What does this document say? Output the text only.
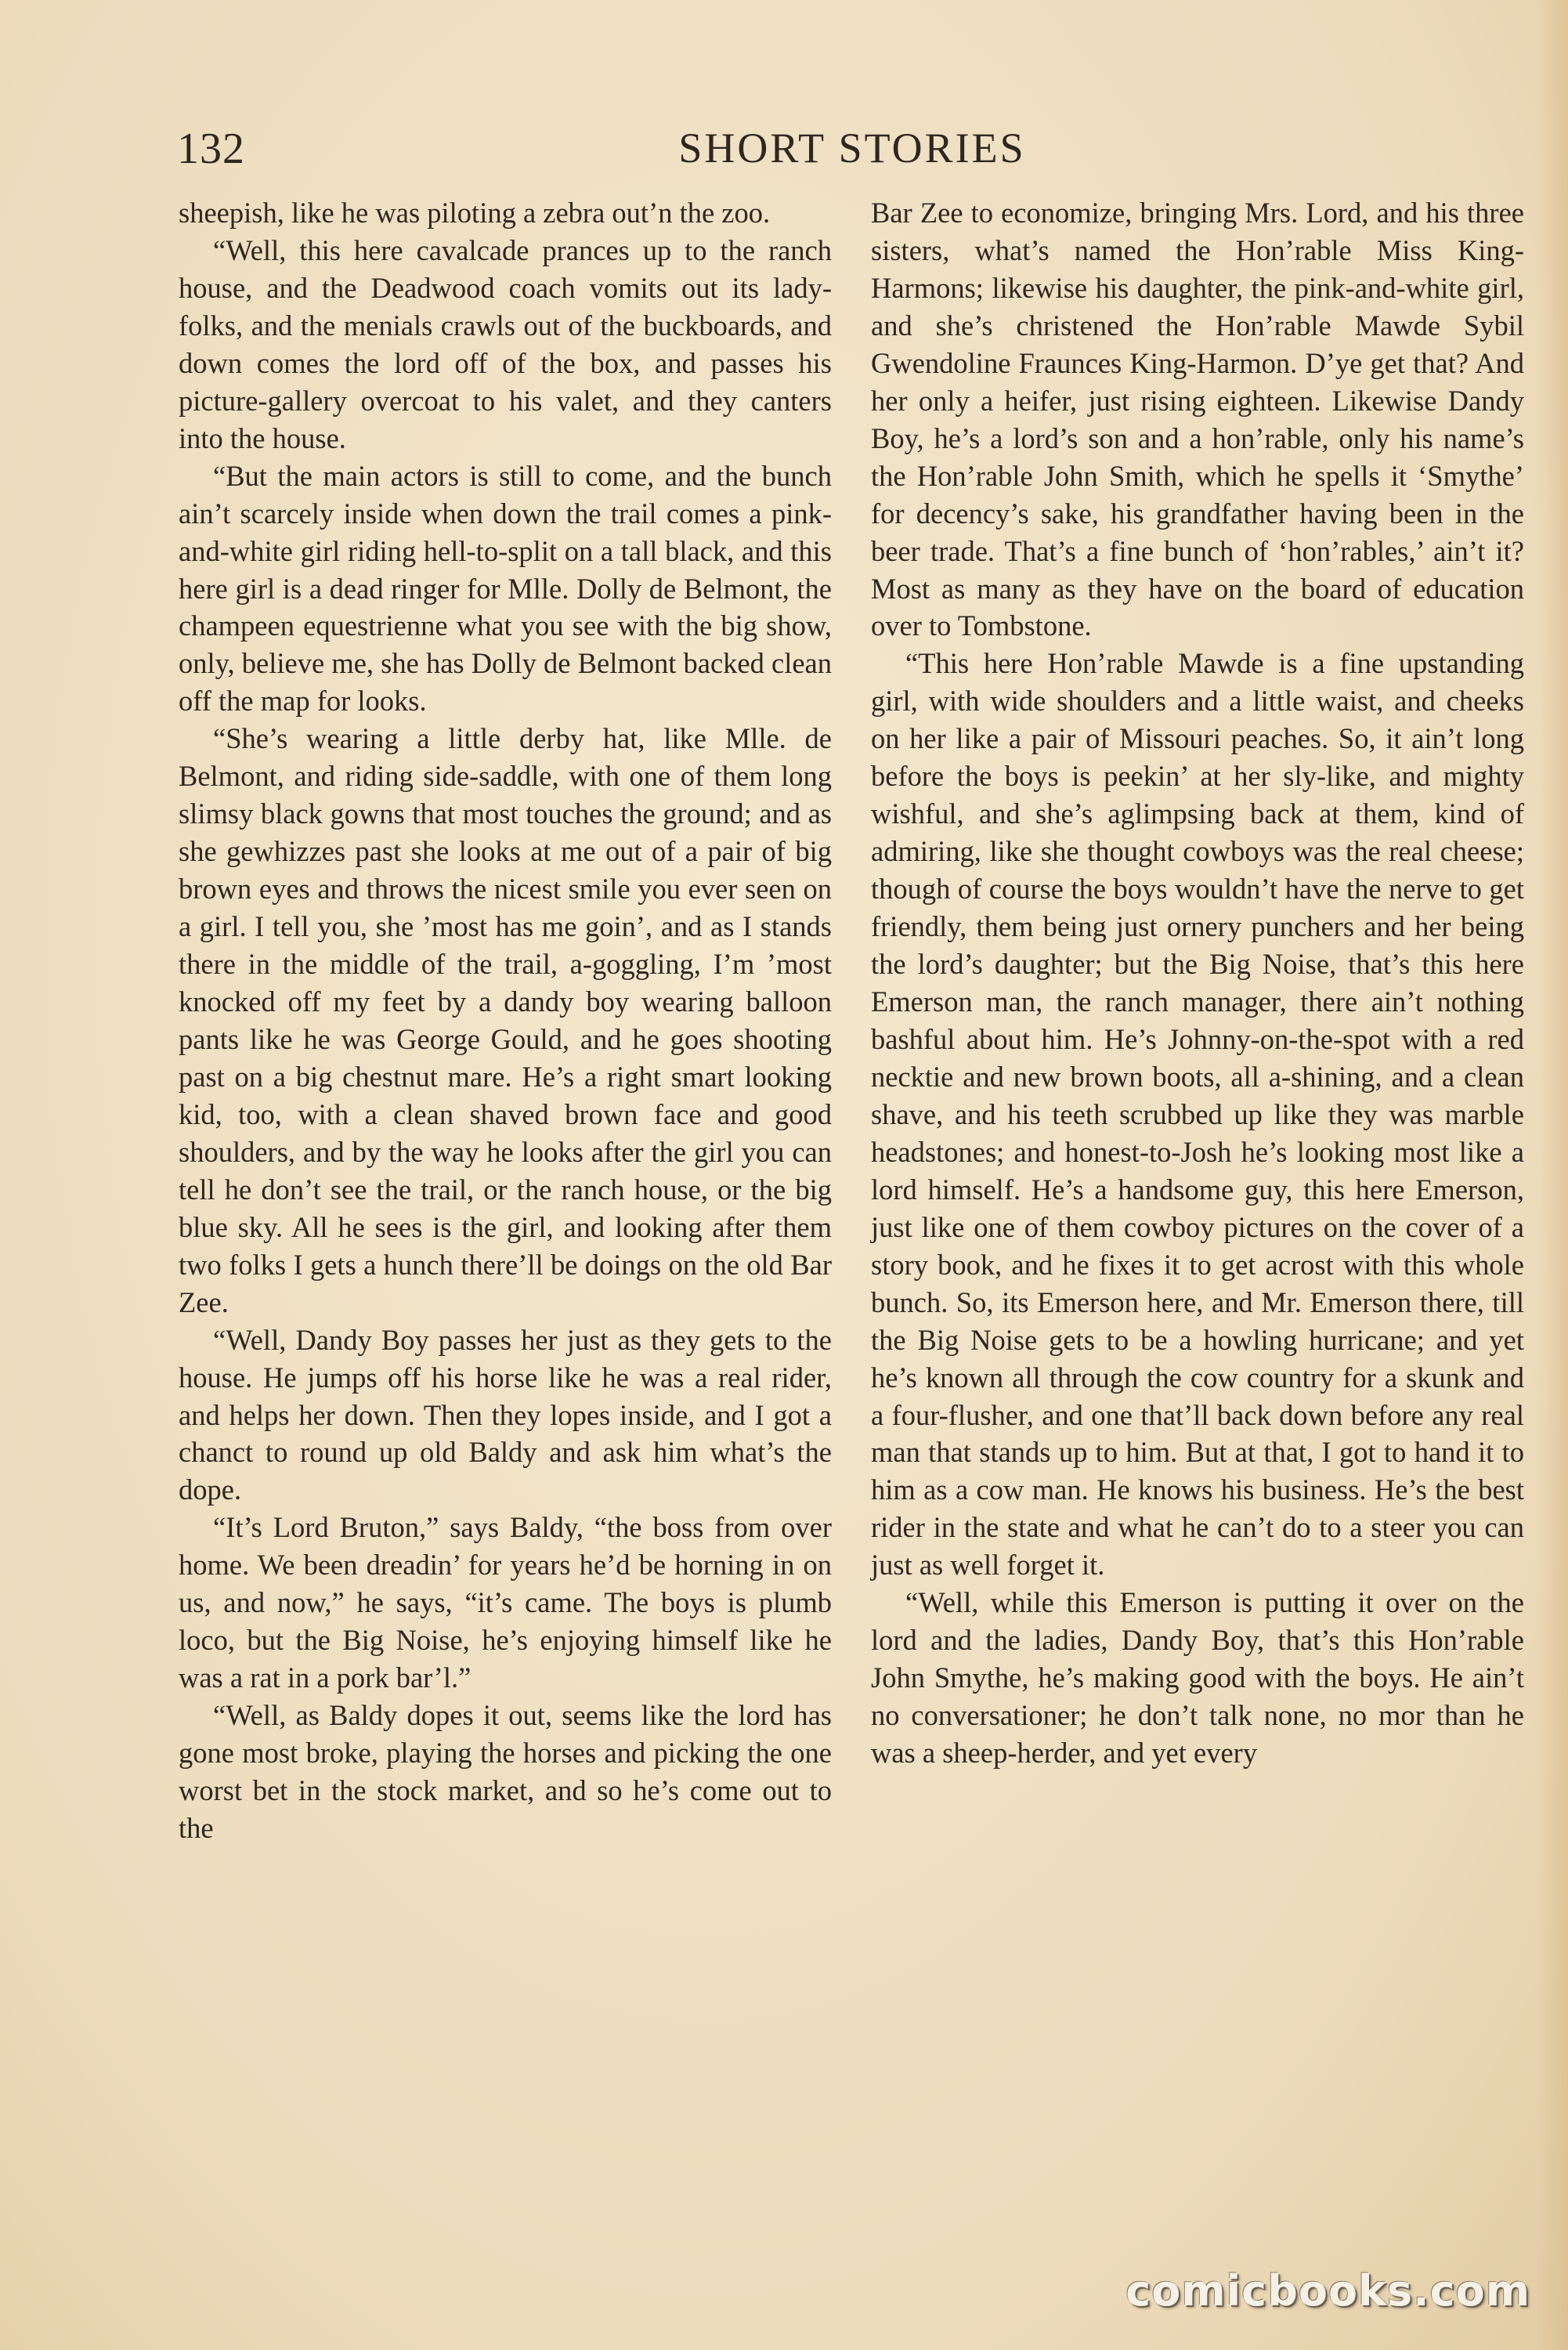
SHORT STORIES
132

sheepish, like he was piloting a zebra out’n the zoo.

“Well, this here cavalcade prances up to the ranch house, and the Deadwood coach vomits out its lady-folks, and the menials crawls out of the buckboards, and down comes the lord off of the box, and passes his picture-gallery overcoat to his valet, and they canters into the house.

“But the main actors is still to come, and the bunch ain’t scarcely inside when down the trail comes a pink-and-white girl riding hell-to-split on a tall black, and this here girl is a dead ringer for Mlle. Dolly de Belmont, the champeen equestrienne what you see with the big show, only, believe me, she has Dolly de Belmont backed clean off the map for looks.

“She’s wearing a little derby hat, like Mlle. de Belmont, and riding side-saddle, with one of them long slimsy black gowns that most touches the ground; and as she gewhizzes past she looks at me out of a pair of big brown eyes and throws the nicest smile you ever seen on a girl. I tell you, she ’most has me goin’, and as I stands there in the middle of the trail, a-goggling, I’m ’most knocked off my feet by a dandy boy wearing balloon pants like he was George Gould, and he goes shooting past on a big chestnut mare. He’s a right smart looking kid, too, with a clean shaved brown face and good shoulders, and by the way he looks after the girl you can tell he don’t see the trail, or the ranch house, or the big blue sky. All he sees is the girl, and looking after them two folks I gets a hunch there’ll be doings on the old Bar Zee.

“Well, Dandy Boy passes her just as they gets to the house. He jumps off his horse like he was a real rider, and helps her down. Then they lopes inside, and I got a chanct to round up old Baldy and ask him what’s the dope.

“It’s Lord Bruton,” says Baldy, “the boss from over home. We been dreadin’ for years he’d be horning in on us, and now,” he says, “it’s came. The boys is plumb loco, but the Big Noise, he’s enjoying himself like he was a rat in a pork bar’l.”

“Well, as Baldy dopes it out, seems like the lord has gone most broke, playing the horses and picking the one worst bet in the stock market, and so he’s come out to the

Bar Zee to economize, bringing Mrs. Lord, and his three sisters, what’s named the Hon’rable Miss King-Harmons; likewise his daughter, the pink-and-white girl, and she’s christened the Hon’rable Mawde Sybil Gwendoline Fraunces King-Harmon. D’ye get that? And her only a heifer, just rising eighteen. Likewise Dandy Boy, he’s a lord’s son and a hon’rable, only his name’s the Hon’rable John Smith, which he spells it ‘Smythe’ for decency’s sake, his grandfather having been in the beer trade. That’s a fine bunch of ‘hon’rables,’ ain’t it? Most as many as they have on the board of education over to Tombstone.

“This here Hon’rable Mawde is a fine upstanding girl, with wide shoulders and a little waist, and cheeks on her like a pair of Missouri peaches. So, it ain’t long before the boys is peekin’ at her sly-like, and mighty wishful, and she’s aglimpsing back at them, kind of admiring, like she thought cowboys was the real cheese; though of course the boys wouldn’t have the nerve to get friendly, them being just ornery punchers and her being the lord’s daughter; but the Big Noise, that’s this here Emerson man, the ranch manager, there ain’t nothing bashful about him. He’s Johnny-on-the-spot with a red necktie and new brown boots, all a-shining, and a clean shave, and his teeth scrubbed up like they was marble headstones; and honest-to-Josh he’s looking most like a lord himself. He’s a handsome guy, this here Emerson, just like one of them cowboy pictures on the cover of a story book, and he fixes it to get acrost with this whole bunch. So, its Emerson here, and Mr. Emerson there, till the Big Noise gets to be a howling hurricane; and yet he’s known all through the cow country for a skunk and a four-flusher, and one that’ll back down before any real man that stands up to him. But at that, I got to hand it to him as a cow man. He knows his business. He’s the best rider in the state and what he can’t do to a steer you can just as well forget it.

“Well, while this Emerson is putting it over on the lord and the ladies, Dandy Boy, that’s this Hon’rable John Smythe, he’s making good with the boys. He ain’t no conversationer; he don’t talk none, no mor than he was a sheep-herder, and yet every

comicbooks.com
